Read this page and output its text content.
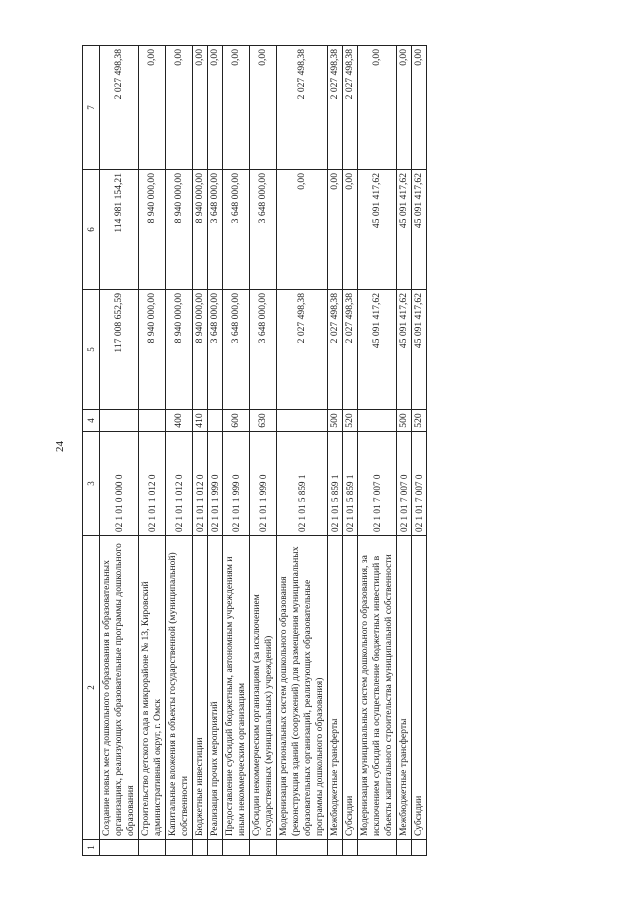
24
1	2	3	4	5	6	7
	Создание новых мест дошкольного образования в образовательных организациях, реализующих образовательные программы дошкольного образования	02 1 01 0 000 0		117 008 652,59	114 981 154,21	2 027 498,38
	Строительство детского сада в микрорайоне № 13, Кировский административный округ, г. Омск	02 1 01 1 012 0		8 940 000,00	8 940 000,00	0,00
	Капитальные вложения в объекты государственной (муниципальной) собственности	02 1 01 1 012 0	400	8 940 000,00	8 940 000,00	0,00
	Бюджетные инвестиции	02 1 01 1 012 0	410	8 940 000,00	8 940 000,00	0,00
	Реализация прочих мероприятий	02 1 01 1 999 0		3 648 000,00	3 648 000,00	0,00
	Предоставление субсидий бюджетным, автономным учреждениям и иным некоммерческим организациям	02 1 01 1 999 0	600	3 648 000,00	3 648 000,00	0,00
	Субсидии некоммерческим организациям (за исключением государственных (муниципальных) учреждений)	02 1 01 1 999 0	630	3 648 000,00	3 648 000,00	0,00
	Модернизация региональных систем дошкольного образования (реконструкция зданий (сооружений) для размещения муниципальных образовательных организаций, реализующих образовательные программы дошкольного образования)	02 1 01 5 859 1		2 027 498,38	0,00	2 027 498,38
	Межбюджетные трансферты	02 1 01 5 859 1	500	2 027 498,38	0,00	2 027 498,38
	Субсидии	02 1 01 5 859 1	520	2 027 498,38	0,00	2 027 498,38
	Модернизация муниципальных систем дошкольного образования, за исключением субсидий на осуществление бюджетных инвестиций в объекты капитального строительства муниципальной собственности	02 1 01 7 007 0		45 091 417,62	45 091 417,62	0,00
	Межбюджетные трансферты	02 1 01 7 007 0	500	45 091 417,62	45 091 417,62	0,00
	Субсидии	02 1 01 7 007 0	520	45 091 417,62	45 091 417,62	0,00
